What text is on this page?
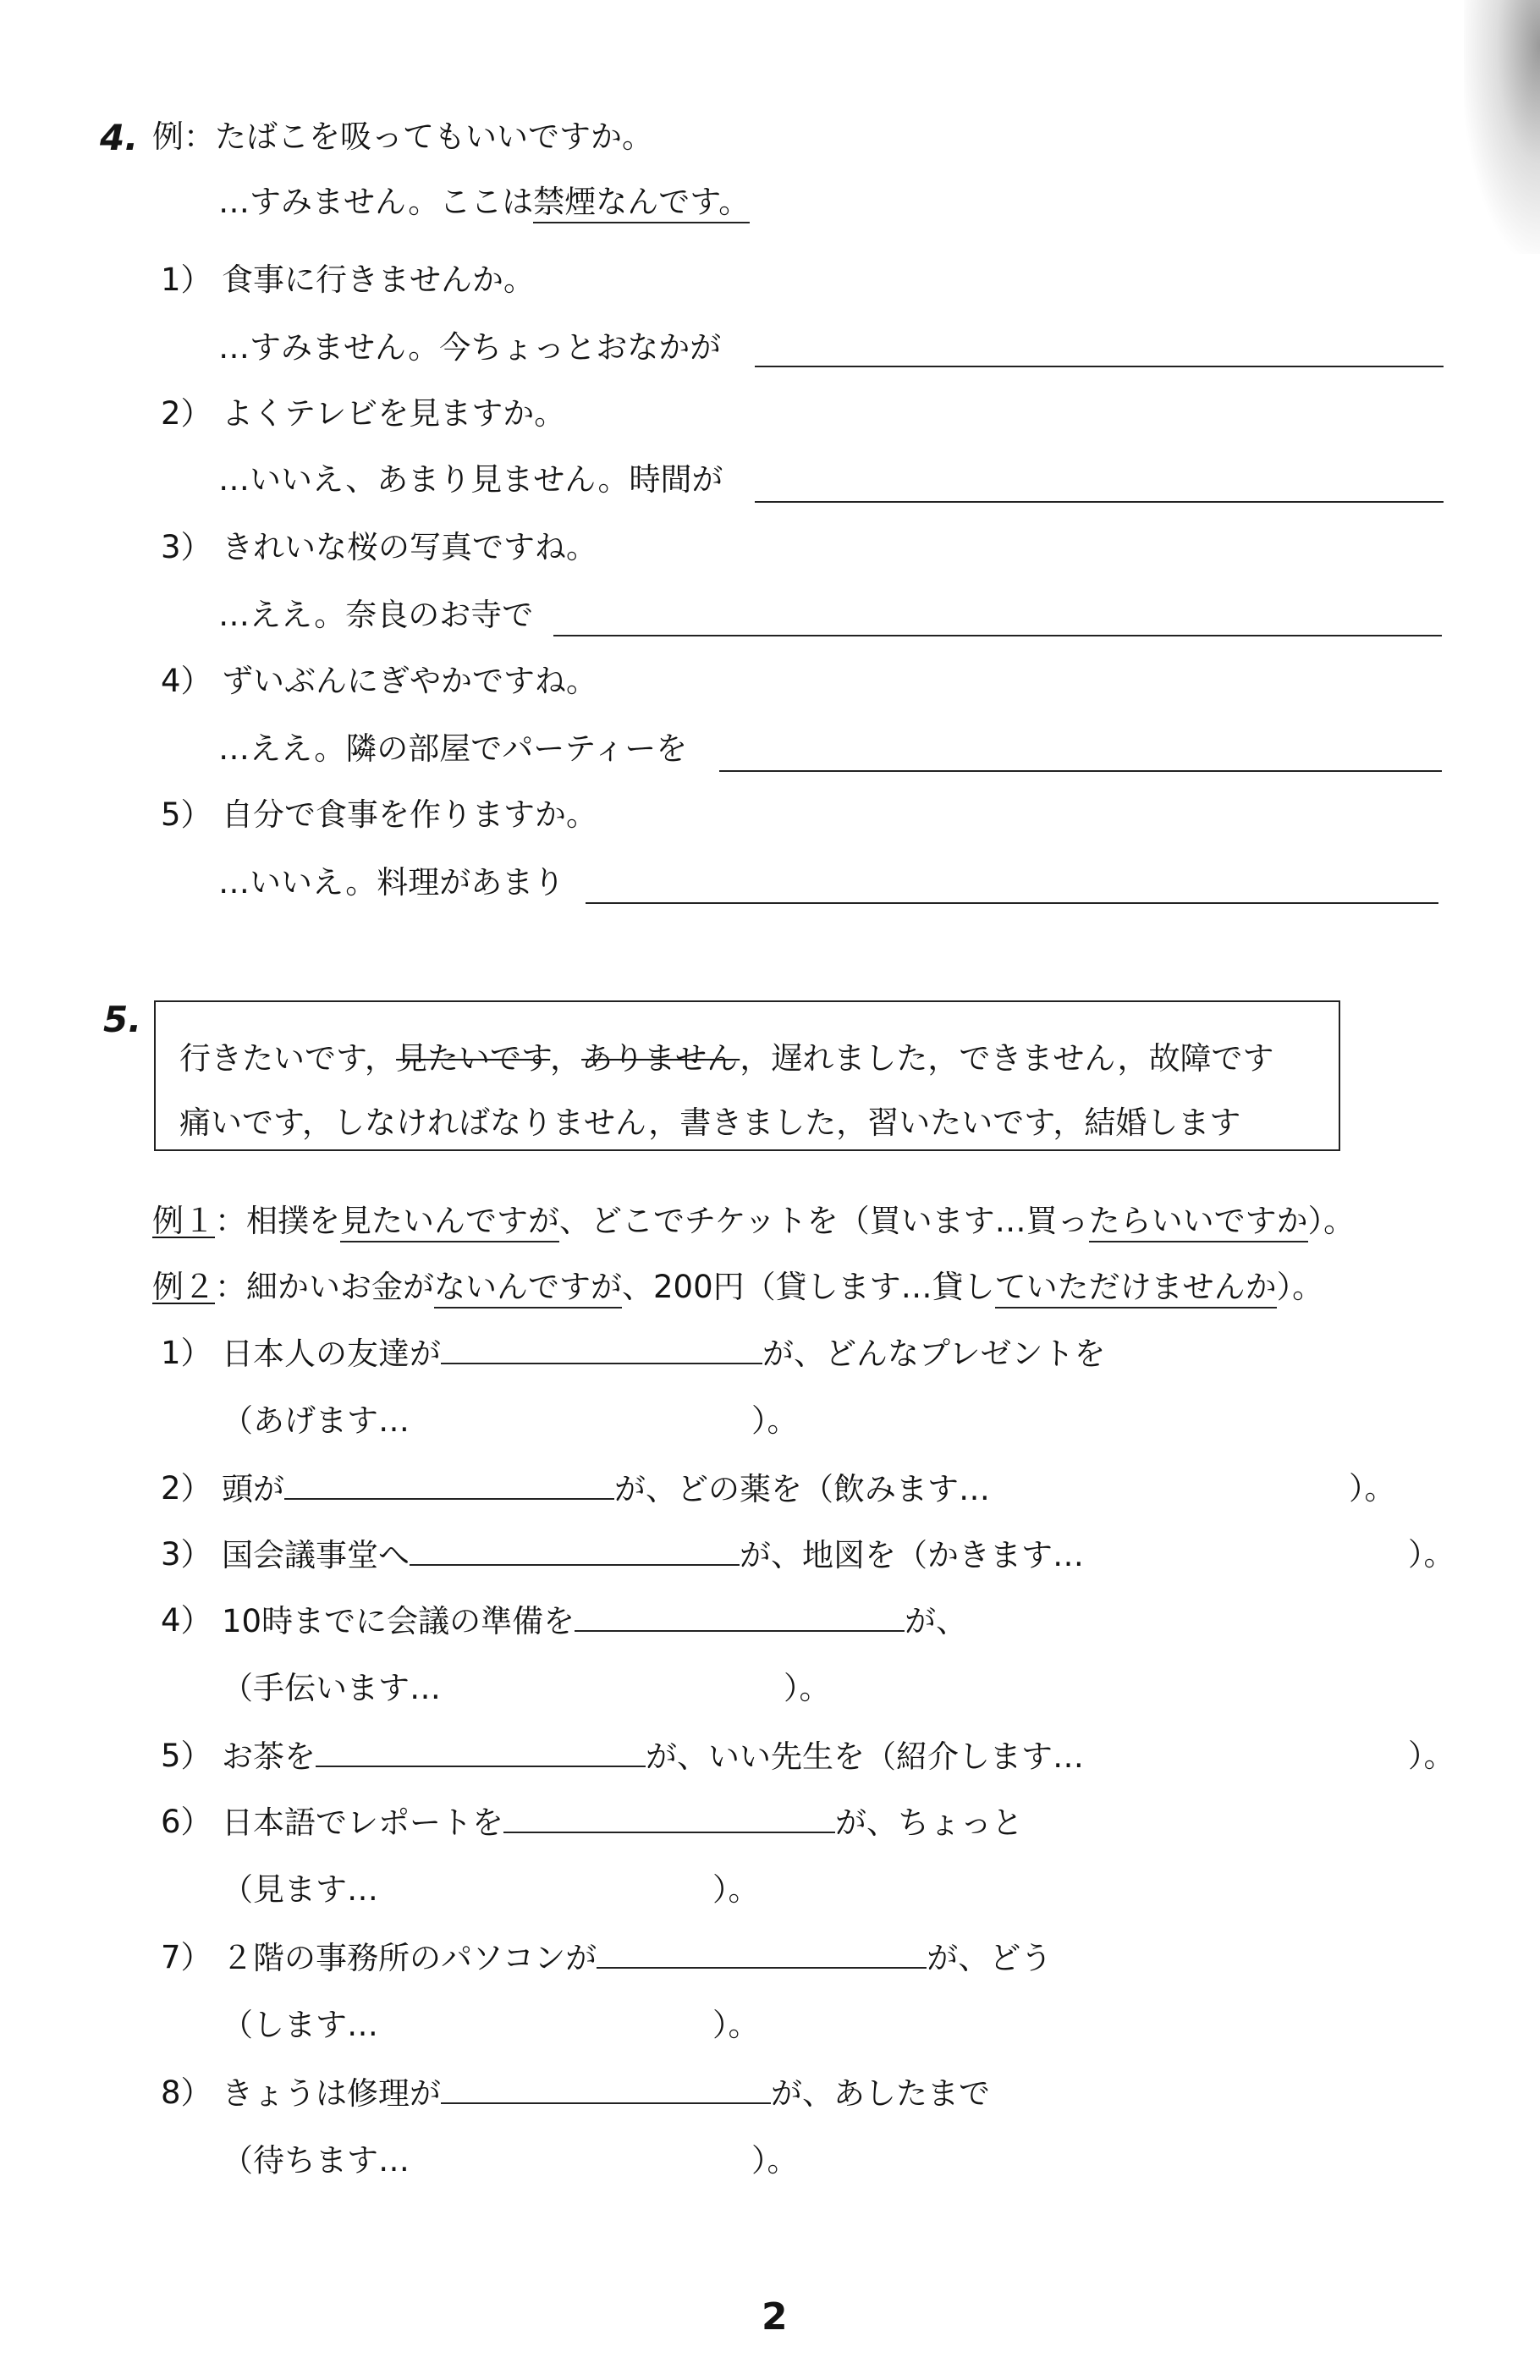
4. 例：たばこを吸ってもいいですか。
…すみません。ここは禁煙なんです。
1） 食事に行きませんか。
…すみません。今ちょっとおなかが
2） よくテレビを見ますか。
…いいえ、あまり見ません。時間が
3） きれいな桜の写真ですね。
…ええ。奈良のお寺で
4） ずいぶんにぎやかですね。
…ええ。隣の部屋でパーティーを
5） 自分で食事を作りますか。
…いいえ。料理があまり
5.
行きたいです，見たいです，ありません，遅れました，できません，故障です
痛いです，しなければなりません，書きました，習いたいです，結婚します
例１：相撲を見たいんですが、どこでチケットを（買います…買ったらいいですか）。
例２：細かいお金がないんですが、200円（貸します…貸していただけませんか）。
1） 日本人の友達が	が、どんなプレゼントを
（あげます…	）。
2） 頭が	が、どの薬を（飲みます…	）。
3） 国会議事堂へ	が、地図を（かきます…	）。
4） 10時までに会議の準備を	が、
（手伝います…	）。
5） お茶を	が、いい先生を（紹介します…	）。
6） 日本語でレポートを	が、ちょっと
（見ます…	）。
7） ２階の事務所のパソコンが	が、どう
（します…	）。
8） きょうは修理が	が、あしたまで
（待ちます…	）。
2
